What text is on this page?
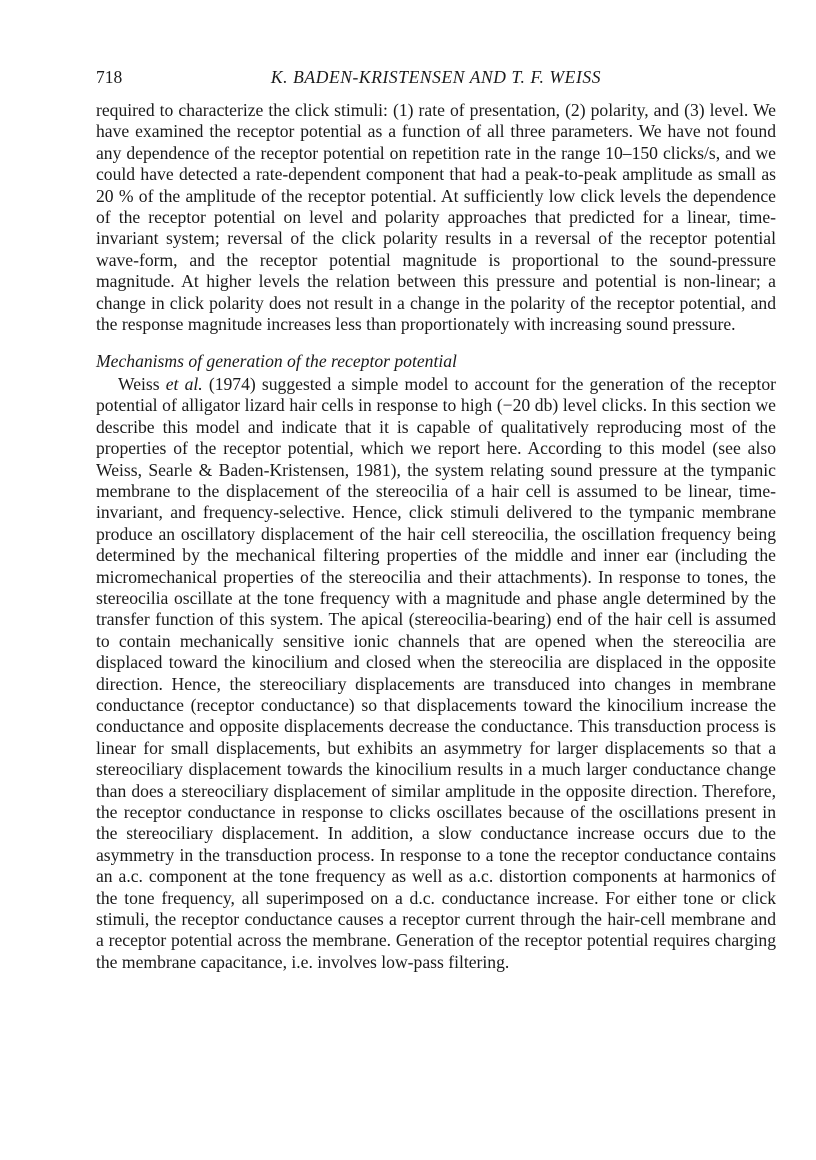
718	K. BADEN-KRISTENSEN AND T. F. WEISS

required to characterize the click stimuli: (1) rate of presentation, (2) polarity, and (3) level. We have examined the receptor potential as a function of all three parameters. We have not found any dependence of the receptor potential on repetition rate in the range 10–150 clicks/s, and we could have detected a rate-dependent component that had a peak-to-peak amplitude as small as 20 % of the amplitude of the receptor potential. At sufficiently low click levels the dependence of the receptor potential on level and polarity approaches that predicted for a linear, time-invariant system; reversal of the click polarity results in a reversal of the receptor potential wave-form, and the receptor potential magnitude is proportional to the sound-pressure magnitude. At higher levels the relation between this pressure and potential is non-linear; a change in click polarity does not result in a change in the polarity of the receptor potential, and the response magnitude increases less than proportionately with increasing sound pressure.

Mechanisms of generation of the receptor potential

Weiss et al. (1974) suggested a simple model to account for the generation of the receptor potential of alligator lizard hair cells in response to high (−20 db) level clicks. In this section we describe this model and indicate that it is capable of qualitatively reproducing most of the properties of the receptor potential, which we report here. According to this model (see also Weiss, Searle & Baden-Kristensen, 1981), the system relating sound pressure at the tympanic membrane to the displacement of the stereocilia of a hair cell is assumed to be linear, time-invariant, and frequency-selective. Hence, click stimuli delivered to the tympanic membrane produce an oscillatory displacement of the hair cell stereocilia, the oscillation frequency being determined by the mechanical filtering properties of the middle and inner ear (including the micromechanical properties of the stereocilia and their attachments). In response to tones, the stereocilia oscillate at the tone frequency with a magnitude and phase angle determined by the transfer function of this system. The apical (stereocilia-bearing) end of the hair cell is assumed to contain mechanically sensitive ionic channels that are opened when the stereocilia are displaced toward the kinocilium and closed when the stereocilia are displaced in the opposite direction. Hence, the stereociliary displacements are transduced into changes in membrane conductance (receptor conductance) so that displacements toward the kinocilium increase the conductance and opposite displacements decrease the conductance. This transduction process is linear for small displacements, but exhibits an asymmetry for larger displacements so that a stereociliary displacement towards the kinocilium results in a much larger conductance change than does a stereociliary displacement of similar amplitude in the opposite direction. Therefore, the receptor conductance in response to clicks oscillates because of the oscillations present in the stereociliary displacement. In addition, a slow conductance increase occurs due to the asymmetry in the transduction process. In response to a tone the receptor conductance contains an a.c. component at the tone frequency as well as a.c. distortion components at harmonics of the tone frequency, all superimposed on a d.c. conductance increase. For either tone or click stimuli, the receptor conductance causes a receptor current through the hair-cell membrane and a receptor potential across the membrane. Generation of the receptor potential requires charging the membrane capacitance, i.e. involves low-pass filtering.
